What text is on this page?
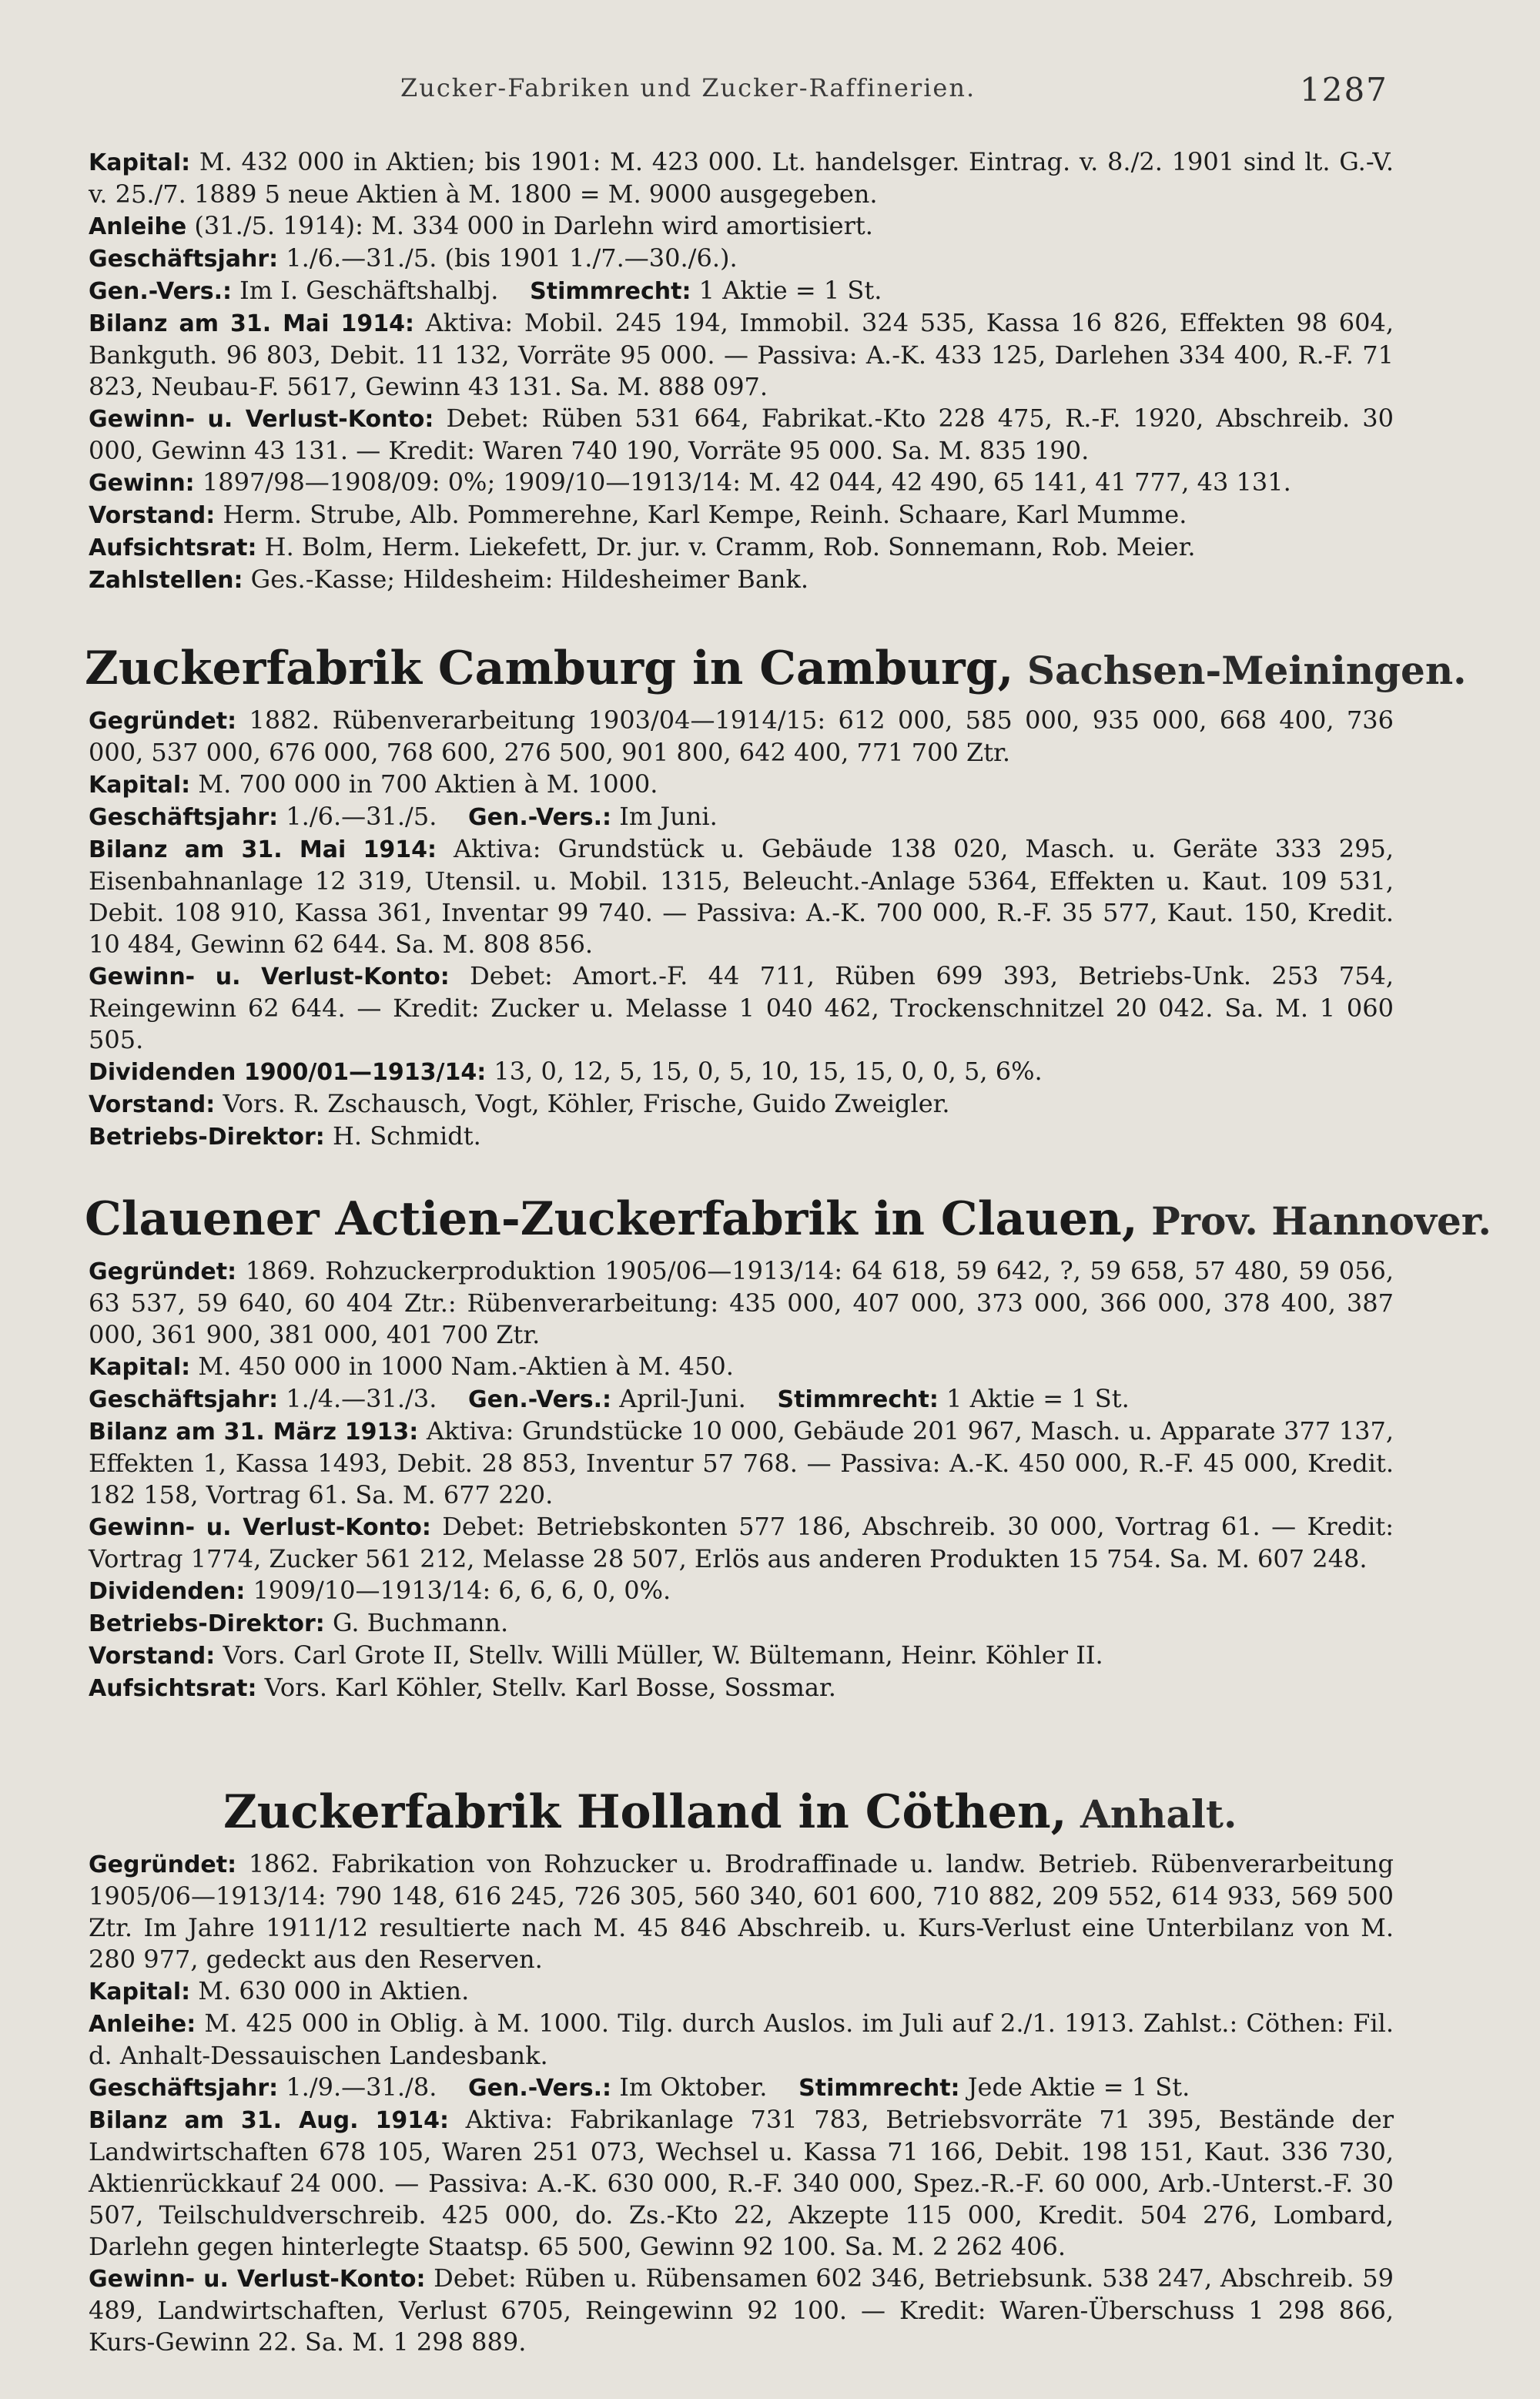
Zucker-Fabriken und Zucker-Raffinerien.	1287

Kapital: M. 432 000 in Aktien; bis 1901: M. 423 000. Lt. handelsger. Eintrag. v. 8./2. 1901 sind lt. G.-V. v. 25./7. 1889 5 neue Aktien à M. 1800 = M. 9000 ausgegeben.

Anleihe (31./5. 1914): M. 334 000 in Darlehn wird amortisiert.

Geschäftsjahr: 1./6.—31./5. (bis 1901 1./7.—30./6.).

Gen.-Vers.: Im I. Geschäftshalbj.    Stimmrecht: 1 Aktie = 1 St.

Bilanz am 31. Mai 1914: Aktiva: Mobil. 245 194, Immobil. 324 535, Kassa 16 826, Effekten 98 604, Bankguth. 96 803, Debit. 11 132, Vorräte 95 000. — Passiva: A.-K. 433 125, Darlehen 334 400, R.-F. 71 823, Neubau-F. 5617, Gewinn 43 131. Sa. M. 888 097.

Gewinn- u. Verlust-Konto: Debet: Rüben 531 664, Fabrikat.-Kto 228 475, R.-F. 1920, Abschreib. 30 000, Gewinn 43 131. — Kredit: Waren 740 190, Vorräte 95 000. Sa. M. 835 190.

Gewinn: 1897/98—1908/09: 0%; 1909/10—1913/14: M. 42 044, 42 490, 65 141, 41 777, 43 131.

Vorstand: Herm. Strube, Alb. Pommerehne, Karl Kempe, Reinh. Schaare, Karl Mumme.

Aufsichtsrat: H. Bolm, Herm. Liekefett, Dr. jur. v. Cramm, Rob. Sonnemann, Rob. Meier.

Zahlstellen: Ges.-Kasse; Hildesheim: Hildesheimer Bank.

Zuckerfabrik Camburg in Camburg, Sachsen-Meiningen.

Gegründet: 1882. Rübenverarbeitung 1903/04—1914/15: 612 000, 585 000, 935 000, 668 400, 736 000, 537 000, 676 000, 768 600, 276 500, 901 800, 642 400, 771 700 Ztr.

Kapital: M. 700 000 in 700 Aktien à M. 1000.

Geschäftsjahr: 1./6.—31./5.    Gen.-Vers.: Im Juni.

Bilanz am 31. Mai 1914: Aktiva: Grundstück u. Gebäude 138 020, Masch. u. Geräte 333 295, Eisenbahnanlage 12 319, Utensil. u. Mobil. 1315, Beleucht.-Anlage 5364, Effekten u. Kaut. 109 531, Debit. 108 910, Kassa 361, Inventar 99 740. — Passiva: A.-K. 700 000, R.-F. 35 577, Kaut. 150, Kredit. 10 484, Gewinn 62 644. Sa. M. 808 856.

Gewinn- u. Verlust-Konto: Debet: Amort.-F. 44 711, Rüben 699 393, Betriebs-Unk. 253 754, Reingewinn 62 644. — Kredit: Zucker u. Melasse 1 040 462, Trockenschnitzel 20 042. Sa. M. 1 060 505.

Dividenden 1900/01—1913/14: 13, 0, 12, 5, 15, 0, 5, 10, 15, 15, 0, 0, 5, 6%.

Vorstand: Vors. R. Zschausch, Vogt, Köhler, Frische, Guido Zweigler.

Betriebs-Direktor: H. Schmidt.

Clauener Actien-Zuckerfabrik in Clauen, Prov. Hannover.

Gegründet: 1869. Rohzuckerproduktion 1905/06—1913/14: 64 618, 59 642, ?, 59 658, 57 480, 59 056, 63 537, 59 640, 60 404 Ztr.: Rübenverarbeitung: 435 000, 407 000, 373 000, 366 000, 378 400, 387 000, 361 900, 381 000, 401 700 Ztr.

Kapital: M. 450 000 in 1000 Nam.-Aktien à M. 450.

Geschäftsjahr: 1./4.—31./3.    Gen.-Vers.: April-Juni.    Stimmrecht: 1 Aktie = 1 St.

Bilanz am 31. März 1913: Aktiva: Grundstücke 10 000, Gebäude 201 967, Masch. u. Apparate 377 137, Effekten 1, Kassa 1493, Debit. 28 853, Inventur 57 768. — Passiva: A.-K. 450 000, R.-F. 45 000, Kredit. 182 158, Vortrag 61. Sa. M. 677 220.

Gewinn- u. Verlust-Konto: Debet: Betriebskonten 577 186, Abschreib. 30 000, Vortrag 61. — Kredit: Vortrag 1774, Zucker 561 212, Melasse 28 507, Erlös aus anderen Produkten 15 754. Sa. M. 607 248.

Dividenden: 1909/10—1913/14: 6, 6, 6, 0, 0%.

Betriebs-Direktor: G. Buchmann.

Vorstand: Vors. Carl Grote II, Stellv. Willi Müller, W. Bültemann, Heinr. Köhler II.

Aufsichtsrat: Vors. Karl Köhler, Stellv. Karl Bosse, Sossmar.

Zuckerfabrik Holland in Cöthen, Anhalt.

Gegründet: 1862. Fabrikation von Rohzucker u. Brodraffinade u. landw. Betrieb. Rübenverarbeitung 1905/06—1913/14: 790 148, 616 245, 726 305, 560 340, 601 600, 710 882, 209 552, 614 933, 569 500 Ztr. Im Jahre 1911/12 resultierte nach M. 45 846 Abschreib. u. Kurs-Verlust eine Unterbilanz von M. 280 977, gedeckt aus den Reserven.

Kapital: M. 630 000 in Aktien.

Anleihe: M. 425 000 in Oblig. à M. 1000. Tilg. durch Auslos. im Juli auf 2./1. 1913. Zahlst.: Cöthen: Fil. d. Anhalt-Dessauischen Landesbank.

Geschäftsjahr: 1./9.—31./8.    Gen.-Vers.: Im Oktober.    Stimmrecht: Jede Aktie = 1 St.

Bilanz am 31. Aug. 1914: Aktiva: Fabrikanlage 731 783, Betriebsvorräte 71 395, Bestände der Landwirtschaften 678 105, Waren 251 073, Wechsel u. Kassa 71 166, Debit. 198 151, Kaut. 336 730, Aktienrückkauf 24 000. — Passiva: A.-K. 630 000, R.-F. 340 000, Spez.-R.-F. 60 000, Arb.-Unterst.-F. 30 507, Teilschuldverschreib. 425 000, do. Zs.-Kto 22, Akzepte 115 000, Kredit. 504 276, Lombard, Darlehn gegen hinterlegte Staatsp. 65 500, Gewinn 92 100. Sa. M. 2 262 406.

Gewinn- u. Verlust-Konto: Debet: Rüben u. Rübensamen 602 346, Betriebsunk. 538 247, Abschreib. 59 489, Landwirtschaften, Verlust 6705, Reingewinn 92 100. — Kredit: Waren-Überschuss 1 298 866, Kurs-Gewinn 22. Sa. M. 1 298 889.
